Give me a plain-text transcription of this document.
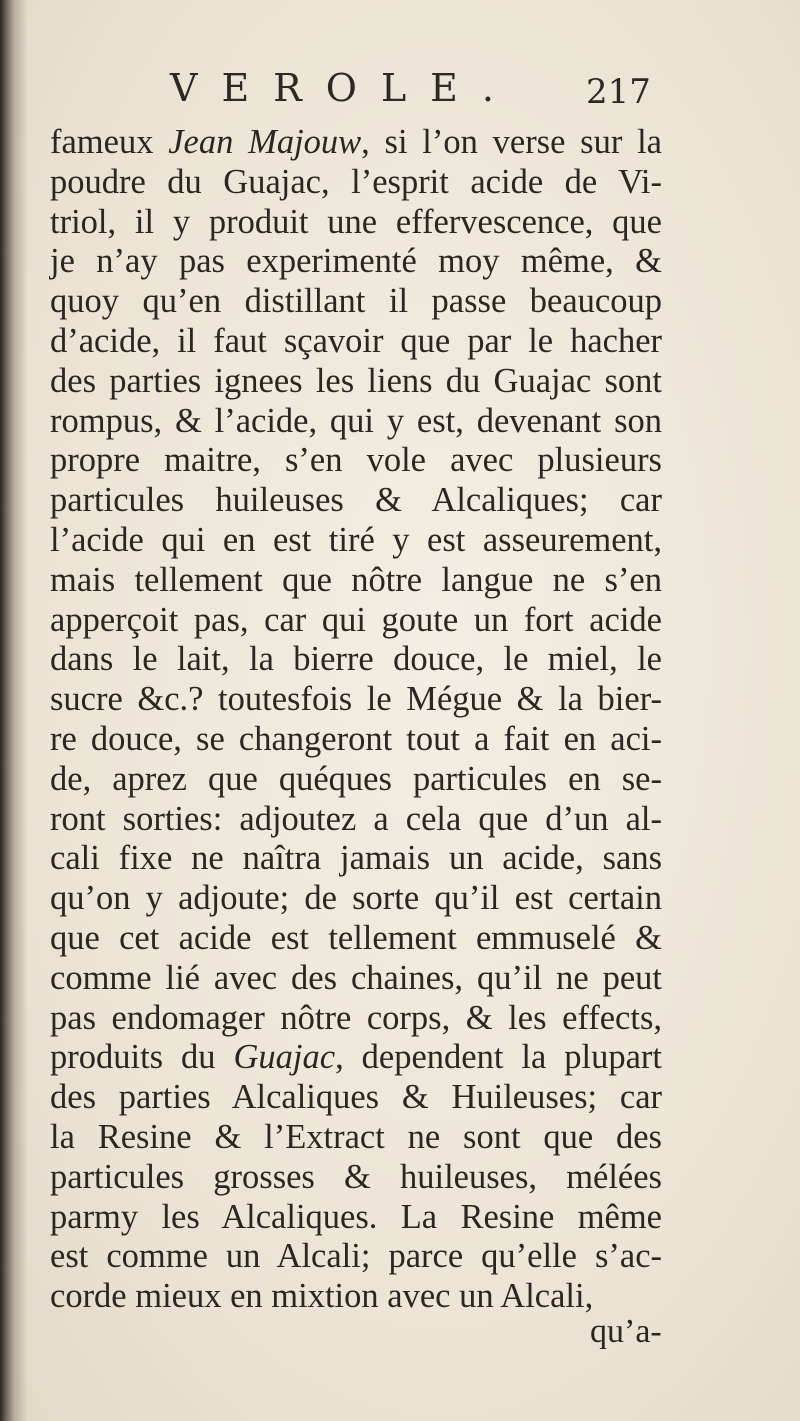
VEROLE. 217
fameux Jean Majouw, si l’on verse sur la
poudre du Guajac, l’esprit acide de Vi-
triol, il y produit une effervescence, que
je n’ay pas experimenté moy même, &
quoy qu’en distillant il passe beaucoup
d’acide, il faut sçavoir que par le hacher
des parties ignees les liens du Guajac sont
rompus, & l’acide, qui y est, devenant son
propre maitre, s’en vole avec plusieurs
particules huileuses & Alcaliques; car
l’acide qui en est tiré y est asseurement,
mais tellement que nôtre langue ne s’en
apperçoit pas, car qui goute un fort acide
dans le lait, la bierre douce, le miel, le
sucre &c.? toutesfois le Mégue & la bier-
re douce, se changeront tout a fait en aci-
de, aprez que quéques particules en se-
ront sorties: adjoutez a cela que d’un al-
cali fixe ne naîtra jamais un acide, sans
qu’on y adjoute; de sorte qu’il est certain
que cet acide est tellement emmuselé &
comme lié avec des chaines, qu’il ne peut
pas endomager nôtre corps, & les effects,
produits du Guajac, dependent la plupart
des parties Alcaliques & Huileuses; car
la Resine & l’Extract ne sont que des
particules grosses & huileuses, mélées
parmy les Alcaliques. La Resine même
est comme un Alcali; parce qu’elle s’ac-
corde mieux en mixtion avec un Alcali,
qu’a-
